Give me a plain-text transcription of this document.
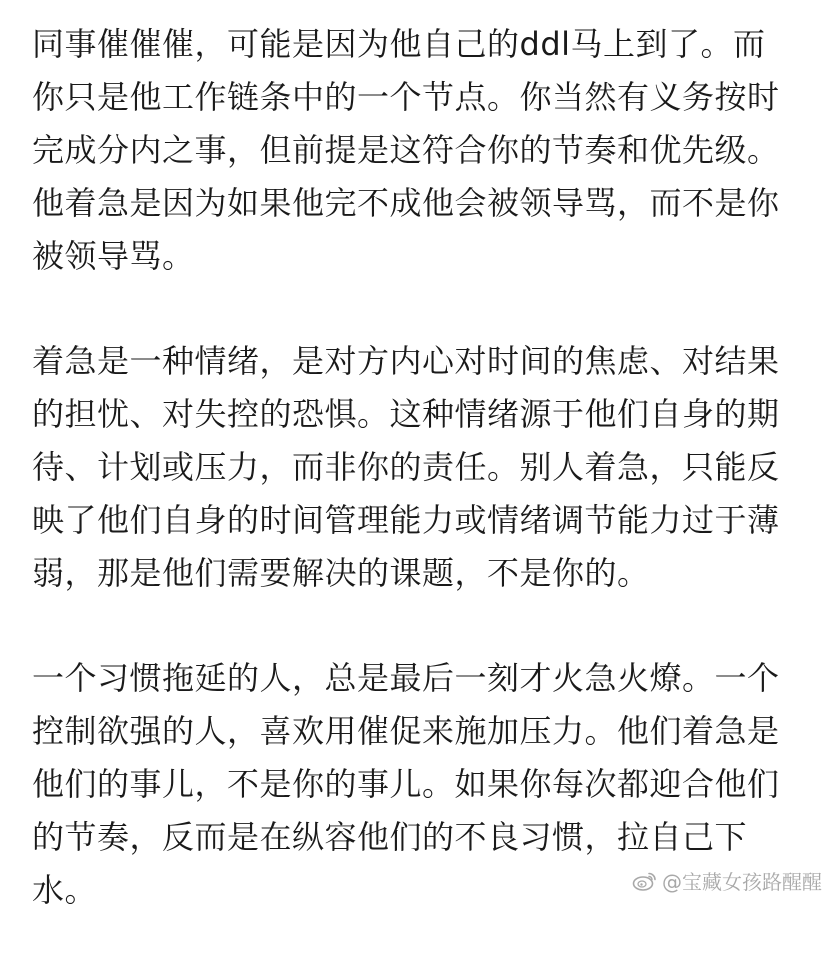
同事催催催，可能是因为他自己的ddl马上到了。而
你只是他工作链条中的一个节点。你当然有义务按时
完成分内之事，但前提是这符合你的节奏和优先级。
他着急是因为如果他完不成他会被领导骂，而不是你
被领导骂。
着急是一种情绪，是对方内心对时间的焦虑、对结果
的担忧、对失控的恐惧。这种情绪源于他们自身的期
待、计划或压力，而非你的责任。别人着急，只能反
映了他们自身的时间管理能力或情绪调节能力过于薄
弱，那是他们需要解决的课题，不是你的。
一个习惯拖延的人，总是最后一刻才火急火燎。一个
控制欲强的人，喜欢用催促来施加压力。他们着急是
他们的事儿，不是你的事儿。如果你每次都迎合他们
的节奏，反而是在纵容他们的不良习惯，拉自己下
水。	@宝藏女孩路醒醒
